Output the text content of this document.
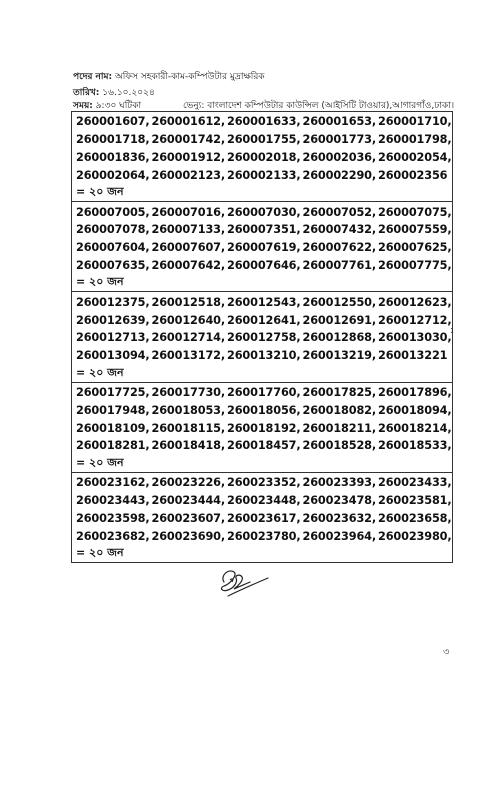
পদের নাম: অফিস সহকারী-কাম-কম্পিউটার মুদ্রাক্ষরিক
তারিখ: ১৬.১০.২০২৪
সময়: ৯:৩০ ঘটিকা	ভেন্যু: বাংলাদেশ কম্পিউটার কাউন্সিল (আইসিটি টাওয়ার),আগারগাঁও,ঢাকা।
260001607, 260001612, 260001633, 260001653, 260001710,
260001718, 260001742, 260001755, 260001773, 260001798,
260001836, 260001912, 260002018, 260002036, 260002054,
260002064, 260002123, 260002133, 260002290, 260002356
= ২০ জন

260007005, 260007016, 260007030, 260007052, 260007075,
260007078, 260007133, 260007351, 260007432, 260007559,
260007604, 260007607, 260007619, 260007622, 260007625,
260007635, 260007642, 260007646, 260007761, 260007775,
= ২০ জন

260012375, 260012518, 260012543, 260012550, 260012623,
260012639, 260012640, 260012641, 260012691, 260012712,
260012713, 260012714, 260012758, 260012868, 260013030,
260013094, 260013172, 260013210, 260013219, 260013221
= ২০ জন

260017725, 260017730, 260017760, 260017825, 260017896,
260017948, 260018053, 260018056, 260018082, 260018094,
260018109, 260018115, 260018192, 260018211, 260018214,
260018281, 260018418, 260018457, 260018528, 260018533,
= ২০ জন

260023162, 260023226, 260023352, 260023393, 260023433,
260023443, 260023444, 260023448, 260023478, 260023581,
260023598, 260023607, 260023617, 260023632, 260023658,
260023682, 260023690, 260023780, 260023964, 260023980,
= ২০ জন
:
৩
